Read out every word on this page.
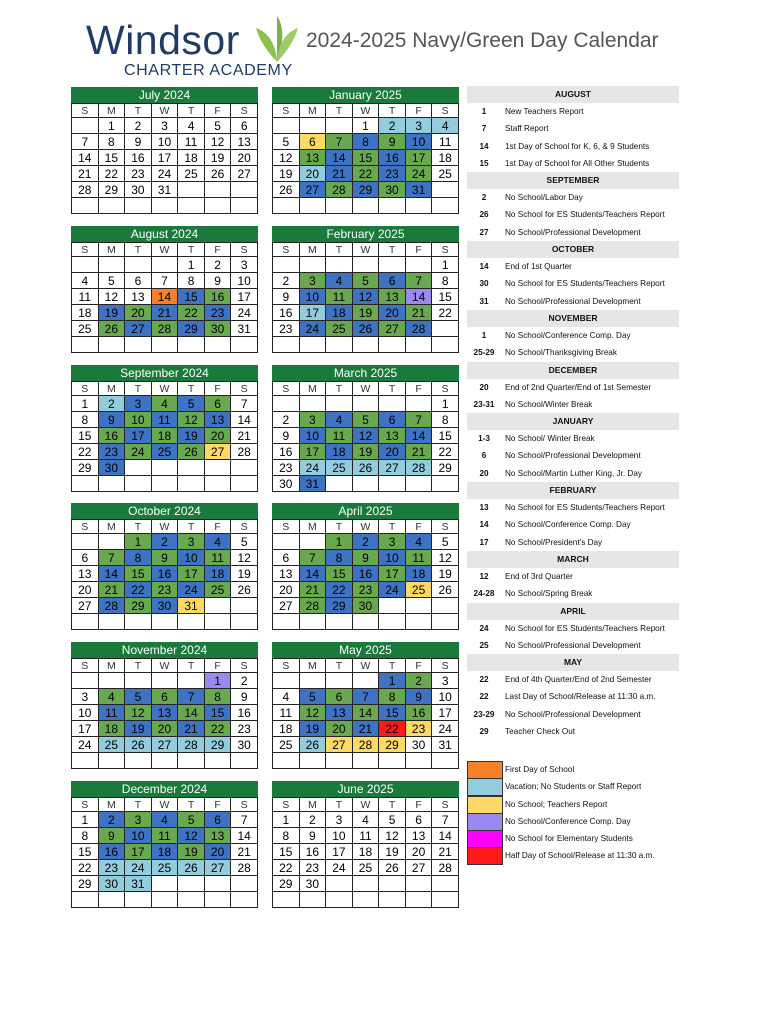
Windsor
CHARTER ACADEMY
2024-2025 Navy/Green Day Calendar
July 2024
S	M	T	W	T	F	S
	1	2	3	4	5	6
7	8	9	10	11	12	13
14	15	16	17	18	19	20
21	22	23	24	25	26	27
28	29	30	31			

January 2025
S	M	T	W	T	F	S
			1	2	3	4
5	6	7	8	9	10	11
12	13	14	15	16	17	18
19	20	21	22	23	24	25
26	27	28	29	30	31	

August 2024
S	M	T	W	T	F	S
				1	2	3
4	5	6	7	8	9	10
11	12	13	14	15	16	17
18	19	20	21	22	23	24
25	26	27	28	29	30	31

February 2025
S	M	T	W	T	F	S
						1
2	3	4	5	6	7	8
9	10	11	12	13	14	15
16	17	18	19	20	21	22
23	24	25	26	27	28	

September 2024
S	M	T	W	T	F	S
1	2	3	4	5	6	7
8	9	10	11	12	13	14
15	16	17	18	19	20	21
22	23	24	25	26	27	28
29	30					

March 2025
S	M	T	W	T	F	S
						1
2	3	4	5	6	7	8
9	10	11	12	13	14	15
16	17	18	19	20	21	22
23	24	25	26	27	28	29
30	31					
October 2024
S	M	T	W	T	F	S
		1	2	3	4	5
6	7	8	9	10	11	12
13	14	15	16	17	18	19
20	21	22	23	24	25	26
27	28	29	30	31		

April 2025
S	M	T	W	T	F	S
		1	2	3	4	5
6	7	8	9	10	11	12
13	14	15	16	17	18	19
20	21	22	23	24	25	26
27	28	29	30			

November 2024
S	M	T	W	T	F	S
					1	2
3	4	5	6	7	8	9
10	11	12	13	14	15	16
17	18	19	20	21	22	23
24	25	26	27	28	29	30

May 2025
S	M	T	W	T	F	S
				1	2	3
4	5	6	7	8	9	10
11	12	13	14	15	16	17
18	19	20	21	22	23	24
25	26	27	28	29	30	31

December 2024
S	M	T	W	T	F	S
1	2	3	4	5	6	7
8	9	10	11	12	13	14
15	16	17	18	19	20	21
22	23	24	25	26	27	28
29	30	31				

June 2025
S	M	T	W	T	F	S
1	2	3	4	5	6	7
8	9	10	11	12	13	14
15	16	17	18	19	20	21
22	23	24	25	26	27	28
29	30					

AUGUST
1	New Teachers Report
7	Staff Report
14	1st Day of School for K, 6, & 9 Students
15	1st Day of School for All Other Students
SEPTEMBER
2	No School/Labor Day
26	No School for ES Students/Teachers Report
27	No School/Professional Development
OCTOBER
14	End of 1st Quarter
30	No School for ES Students/Teachers Report
31	No School/Professional Development
NOVEMBER
1	No School/Conference Comp. Day
25-29	No School/Thanksgiving Break
DECEMBER
20	End of 2nd Quarter/End of 1st Semester
23-31	No School/Winter Break
JANUARY
1-3	No School/ Winter Break
6	No School/Professional Development
20	No School/Martin Luther King, Jr. Day
FEBRUARY
13	No School for ES Students/Teachers Report
14	No School/Conference Comp. Day
17	No School/President's Day
MARCH
12	End of 3rd Quarter
24-28	No School/Spring Break
APRIL
24	No School for ES Students/Teachers Report
25	No School/Professional Development
MAY
22	End of 4th Quarter/End of 2nd Semester
22	Last Day of School/Release at 11:30 a.m.
23-29	No School/Professional Development
29	Teacher Check Out
First Day of School
Vacation; No Students or Staff Report
No School; Teachers Report
No School/Conference Comp. Day
No School for Elementary Students
Half Day of School/Release at 11:30 a.m.
